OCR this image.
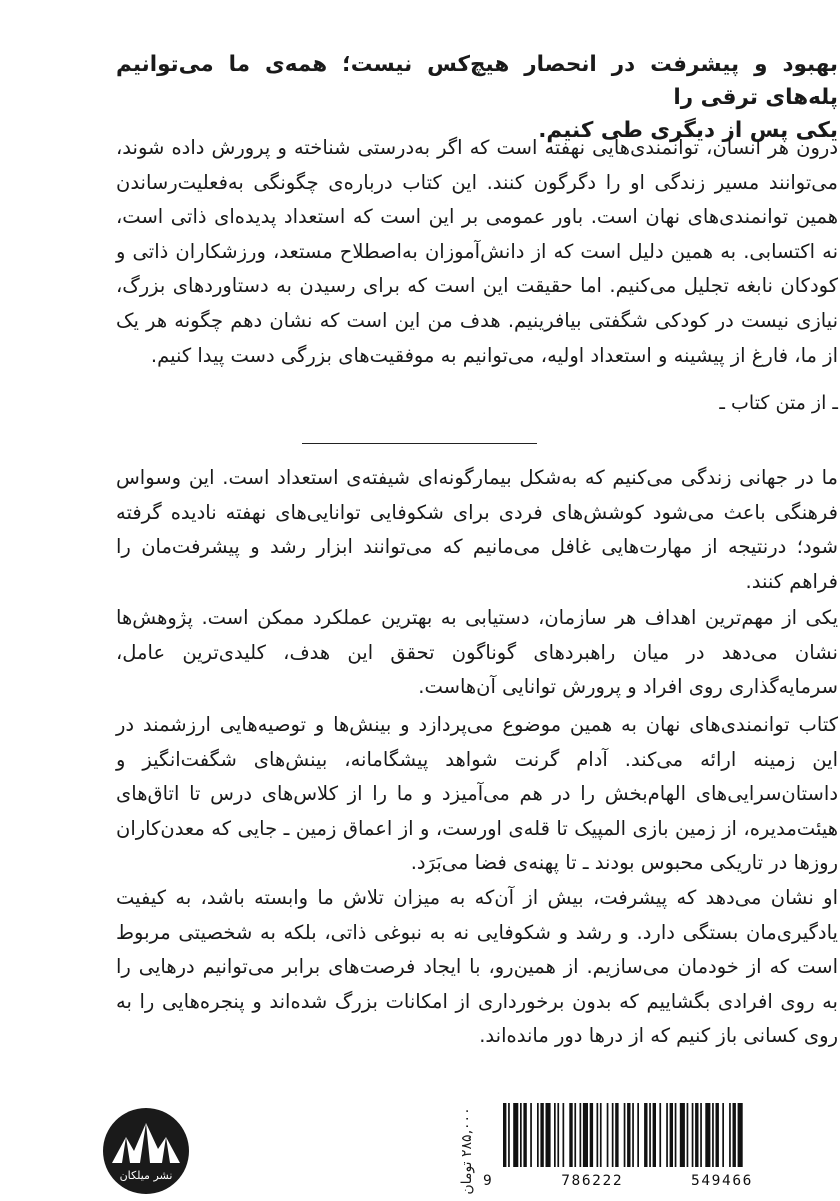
بهبود و پیشرفت در انحصار هیچ‌کس نیست؛ همه‌ی ما می‌توانیم پله‌های ترقی را

یکی پس از دیگری طی کنیم.

درون هر انسان، توانمندی‌هایی نهفته است که اگر به‌درستی شناخته و پرورش داده شوند، می‌توانند مسیر زندگی او را دگرگون کنند. این کتاب درباره‌ی چگونگی به‌فعلیت‌رساندن همین توانمندی‌های نهان است. باور عمومی بر این است که استعداد پدیده‌ای ذاتی است، نه اکتسابی. به همین دلیل است که از دانش‌آموزان به‌اصطلاح مستعد، ورزشکاران ذاتی و کودکان نابغه تجلیل می‌کنیم. اما حقیقت این است که برای رسیدن به دستاوردهای بزرگ، نیازی نیست در کودکی شگفتی بیافرینیم. هدف من این است که نشان دهم چگونه هر یک از ما، فارغ از پیشینه و استعداد اولیه، می‌توانیم به موفقیت‌های بزرگی دست پیدا کنیم.

ـ از متن کتاب ـ

ما در جهانی زندگی می‌کنیم که به‌شکل بیمارگونه‌ای شیفته‌ی استعداد است. این وسواس فرهنگی باعث می‌شود کوشش‌های فردی برای شکوفایی توانایی‌های نهفته نادیده گرفته شود؛ درنتیجه از مهارت‌هایی غافل می‌مانیم که می‌توانند ابزار رشد و پیشرفت‌مان را فراهم کنند.

یکی از مهم‌ترین اهداف هر سازمان، دستیابی به بهترین عملکرد ممکن است. پژوهش‌ها نشان می‌دهد در میان راهبردهای گوناگون تحقق این هدف، کلیدی‌ترین عامل، سرمایه‌گذاری روی افراد و پرورش توانایی آن‌هاست.

کتاب توانمندی‌های نهان به همین موضوع می‌پردازد و بینش‌ها و توصیه‌هایی ارزشمند در این زمینه ارائه می‌کند. آدام گرنت شواهد پیشگامانه، بینش‌های شگفت‌انگیز و داستان‌سرایی‌های الهام‌بخش را در هم می‌آمیزد و ما را از کلاس‌های درس تا اتاق‌های هیئت‌مدیره، از زمین بازی المپیک تا قله‌ی اورست، و از اعماق زمین ـ جایی که معدن‌کاران روزها در تاریکی محبوس بودند ـ تا پهنه‌ی فضا می‌بَرَد.

او نشان می‌دهد که پیشرفت، بیش از آن‌که به میزان تلاش ما وابسته باشد، به کیفیت یادگیری‌مان بستگی دارد. و رشد و شکوفایی نه به نبوغی ذاتی، بلکه به شخصیتی مربوط است که از خودمان می‌سازیم. از همین‌رو، با ایجاد فرصت‌های برابر می‌توانیم درهایی را به روی افرادی بگشاییم که بدون برخورداری از امکانات بزرگ شده‌اند و پنجره‌هایی را به روی کسانی باز کنیم که از درها دور مانده‌اند.

نشر میلکان	9	786222	549466
۰۰۰‚۲۸۵ تومان
